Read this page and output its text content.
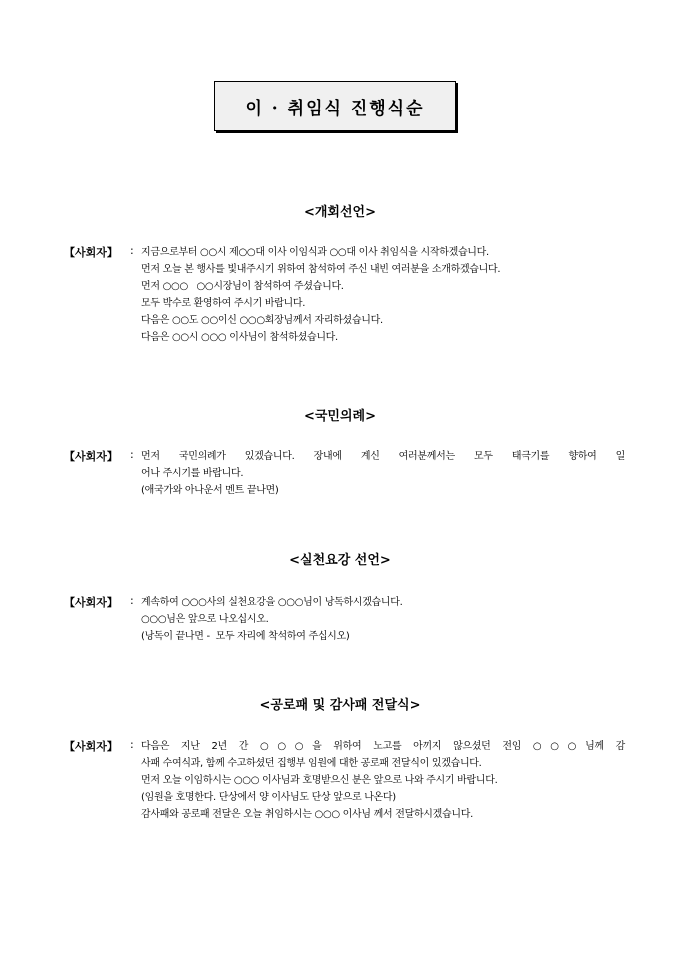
이 · 취임식 진행식순
<개회선언>
【사회자】 : 지금으로부터 ○○시 제○○대 이사 이임식과 ○○대 이사 취임식을 시작하겠습니다.
먼저 오늘 본 행사를 빛내주시기 위하여 참석하여 주신 내빈 여러분을 소개하겠습니다.
먼저 ○○○   ○○시장님이 참석하여 주셨습니다.
모두 박수로 환영하여 주시기 바랍니다.
다음은 ○○도 ○○이신 ○○○회장님께서 자리하셨습니다.
다음은 ○○시 ○○○ 이사님이 참석하셨습니다.
<국민의례>
【사회자】 : 먼저 국민의례가 있겠습니다. 장내에 계신 여러분께서는 모두 태극기를 향하여 일
어나 주시기를 바랍니다.
(애국가와 아나운서 멘트 끝나면)
<실천요강 선언>
【사회자】 : 계속하여 ○○○사의 실천요강을 ○○○님이 낭독하시겠습니다.
○○○님은 앞으로 나오십시오.
(낭독이 끝나면 -  모두 자리에 착석하여 주십시오)
<공로패 및 감사패 전달식>
【사회자】 : 다음은 지난 2년 간 ○○○을 위하여 노고를 아끼지 않으셨던 전임 ○○○님께 감
사패 수여식과, 함께 수고하셨던 집행부 임원에 대한 공로패 전달식이 있겠습니다.
먼저 오늘 이임하시는 ○○○ 이사님과 호명받으신 분은 앞으로 나와 주시기 바랍니다.
(임원을 호명한다. 단상에서 양 이사님도 단상 앞으로 나온다)
감사패와 공로패 전달은 오늘 취임하시는 ○○○ 이사님 께서 전달하시겠습니다.
